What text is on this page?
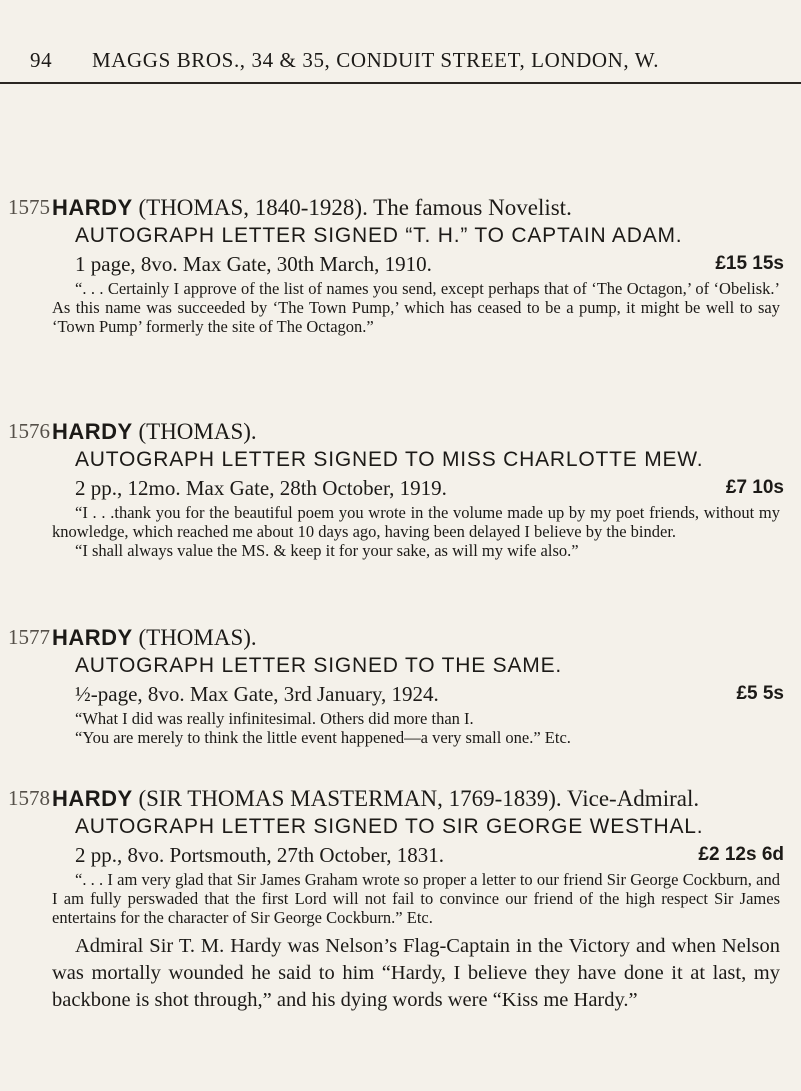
94 MAGGS BROS., 34 & 35, CONDUIT STREET, LONDON, W.
1575 HARDY (THOMAS, 1840-1928). The famous Novelist.
AUTOGRAPH LETTER SIGNED “T. H.” TO CAPTAIN ADAM.
1 page, 8vo. Max Gate, 30th March, 1910.	£15 15s
“. . . Certainly I approve of the list of names you send, except perhaps that of ‘The Octagon,’ of ‘Obelisk.’ As this name was succeeded by ‘The Town Pump,’ which has ceased to be a pump, it might be well to say ‘Town Pump’ formerly the site of The Octagon.”
1576 HARDY (THOMAS).
AUTOGRAPH LETTER SIGNED TO MISS CHARLOTTE MEW.
2 pp., 12mo. Max Gate, 28th October, 1919.	£7 10s
“I . . .thank you for the beautiful poem you wrote in the volume made up by my poet friends, without my knowledge, which reached me about 10 days ago, having been delayed I believe by the binder.
“I shall always value the MS. & keep it for your sake, as will my wife also.”
1577 HARDY (THOMAS).
AUTOGRAPH LETTER SIGNED TO THE SAME.
½-page, 8vo. Max Gate, 3rd January, 1924.	£5 5s
“What I did was really infinitesimal. Others did more than I.
“You are merely to think the little event happened—a very small one.” Etc.
1578 HARDY (SIR THOMAS MASTERMAN, 1769-1839). Vice-Admiral.
AUTOGRAPH LETTER SIGNED TO SIR GEORGE WESTHAL.
2 pp., 8vo. Portsmouth, 27th October, 1831.	£2 12s 6d
“. . . I am very glad that Sir James Graham wrote so proper a letter to our friend Sir George Cockburn, and I am fully perswaded that the first Lord will not fail to convince our friend of the high respect Sir James entertains for the character of Sir George Cockburn.” Etc.
Admiral Sir T. M. Hardy was Nelson’s Flag-Captain in the Victory and when Nelson was mortally wounded he said to him “Hardy, I believe they have done it at last, my backbone is shot through,” and his dying words were “Kiss me Hardy.”
